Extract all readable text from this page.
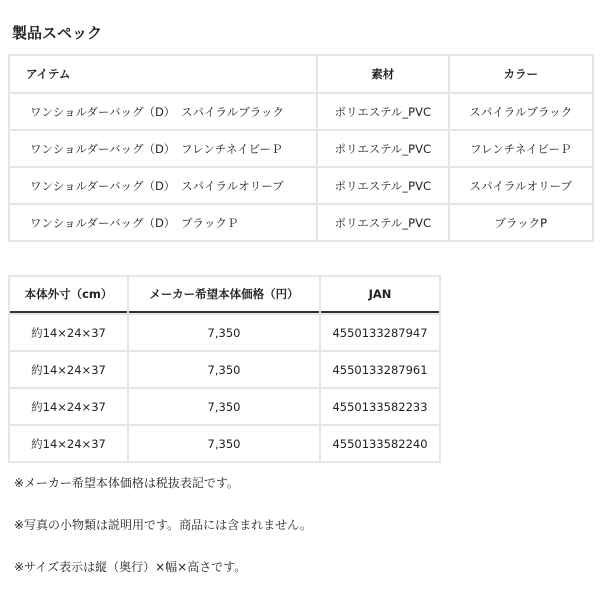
製品スペック
アイテム	素材	カラー
ワンショルダーバッグ（D）　スパイラルブラック	ポリエステル_PVC	スパイラルブラック
ワンショルダーバッグ（D）　フレンチネイビーＰ	ポリエステル_PVC	フレンチネイビーＰ
ワンショルダーバッグ（D）　スパイラルオリーブ	ポリエステル_PVC	スパイラルオリーブ
ワンショルダーバッグ（D）　ブラックＰ	ポリエステル_PVC	ブラックP
本体外寸（cm）	メーカー希望本体価格（円）	JAN
約14×24×37	7,350	4550133287947
約14×24×37	7,350	4550133287961
約14×24×37	7,350	4550133582233
約14×24×37	7,350	4550133582240
※メーカー希望本体価格は税抜表記です。
※写真の小物類は説明用です。商品には含まれません。
※サイズ表示は縦（奥行）×幅×高さです。
